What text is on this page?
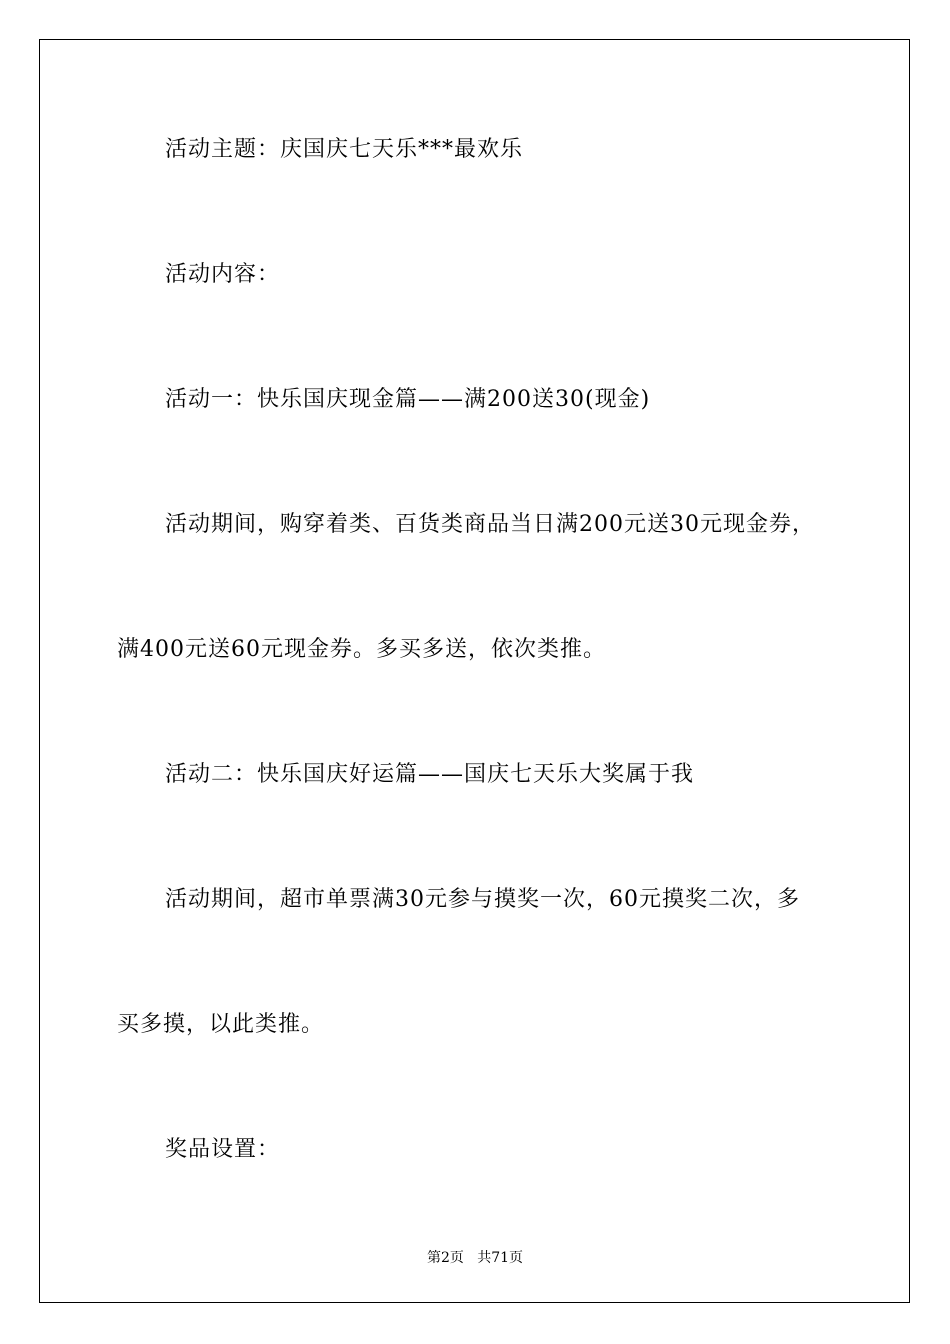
活动主题：庆国庆七天乐***最欢乐
活动内容：
活动一：快乐国庆现金篇——满200送30(现金)
活动期间，购穿着类、百货类商品当日满200元送30元现金券，
满400元送60元现金券。多买多送，依次类推。
活动二：快乐国庆好运篇——国庆七天乐大奖属于我
活动期间，超市单票满30元参与摸奖一次，60元摸奖二次，多
买多摸，以此类推。
奖品设置：
第2页   共71页
